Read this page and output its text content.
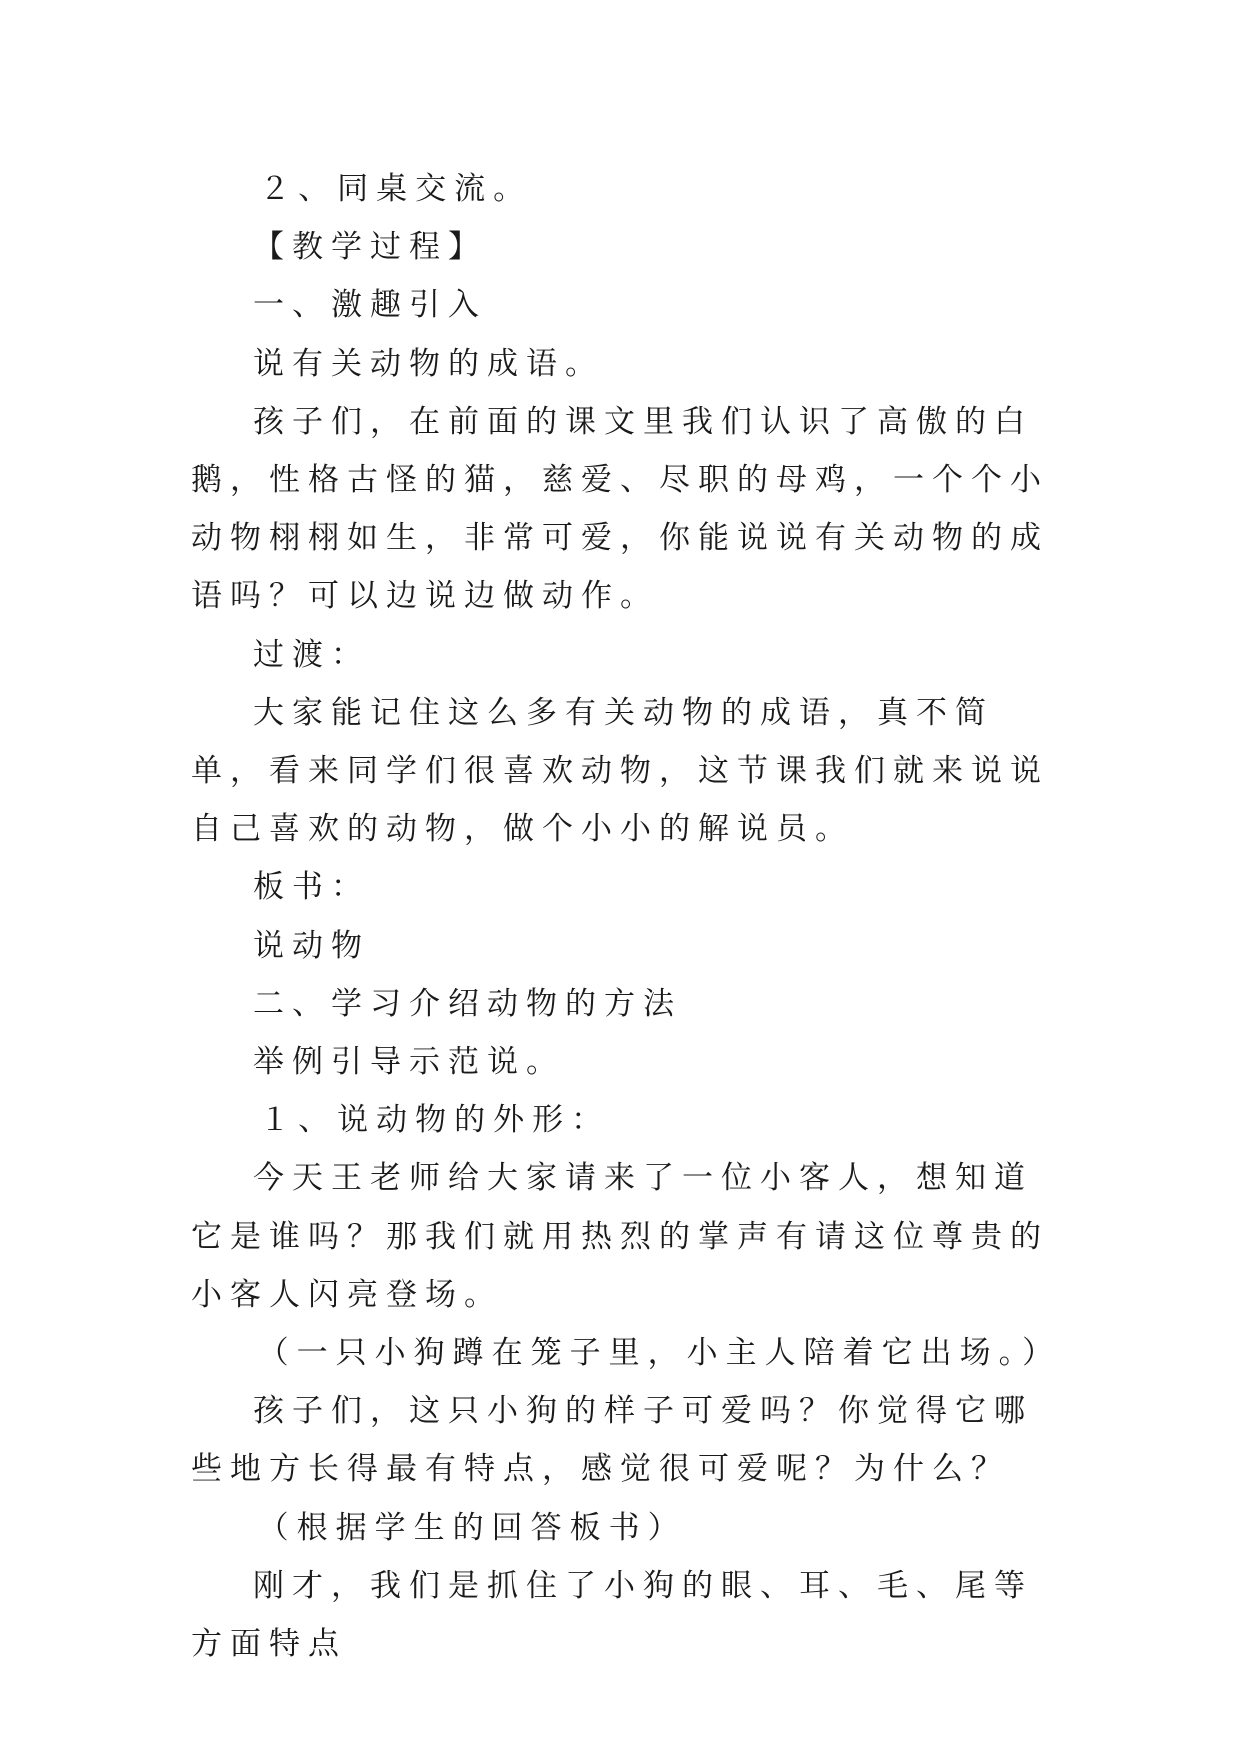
２、同桌交流。

【教学过程】

一、激趣引入

说有关动物的成语。

孩子们，在前面的课文里我们认识了高傲的白鹅，性格古怪的猫，慈爱、尽职的母鸡，一个个小动物栩栩如生，非常可爱，你能说说有关动物的成语吗？可以边说边做动作。

过渡：

大家能记住这么多有关动物的成语，真不简单，看来同学们很喜欢动物，这节课我们就来说说自己喜欢的动物，做个小小的解说员。

板书：

说动物

二、学习介绍动物的方法

举例引导示范说。

１、说动物的外形：

今天王老师给大家请来了一位小客人，想知道它是谁吗？那我们就用热烈的掌声有请这位尊贵的小客人闪亮登场。

（一只小狗蹲在笼子里，小主人陪着它出场。）

孩子们，这只小狗的样子可爱吗？你觉得它哪些地方长得最有特点，感觉很可爱呢？为什么？

（根据学生的回答板书）

刚才，我们是抓住了小狗的眼、耳、毛、尾等方面特点
